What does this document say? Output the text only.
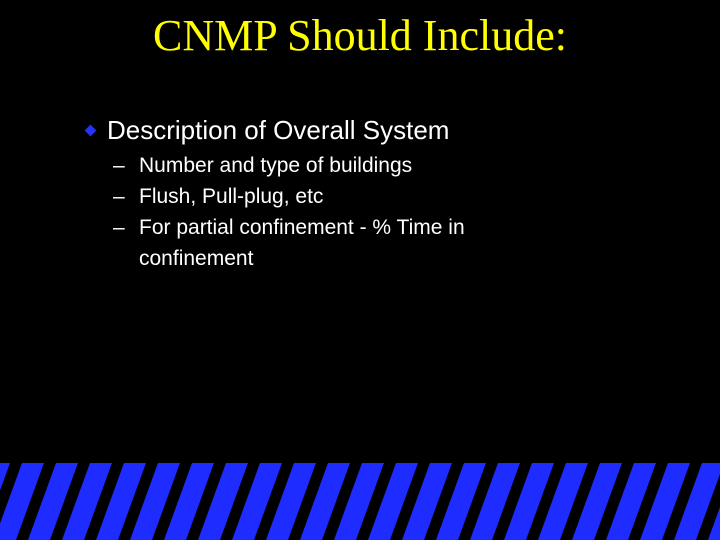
CNMP Should Include:
Description of Overall System
– Number and type of buildings
– Flush, Pull-plug, etc
– For partial confinement - % Time in confinement
